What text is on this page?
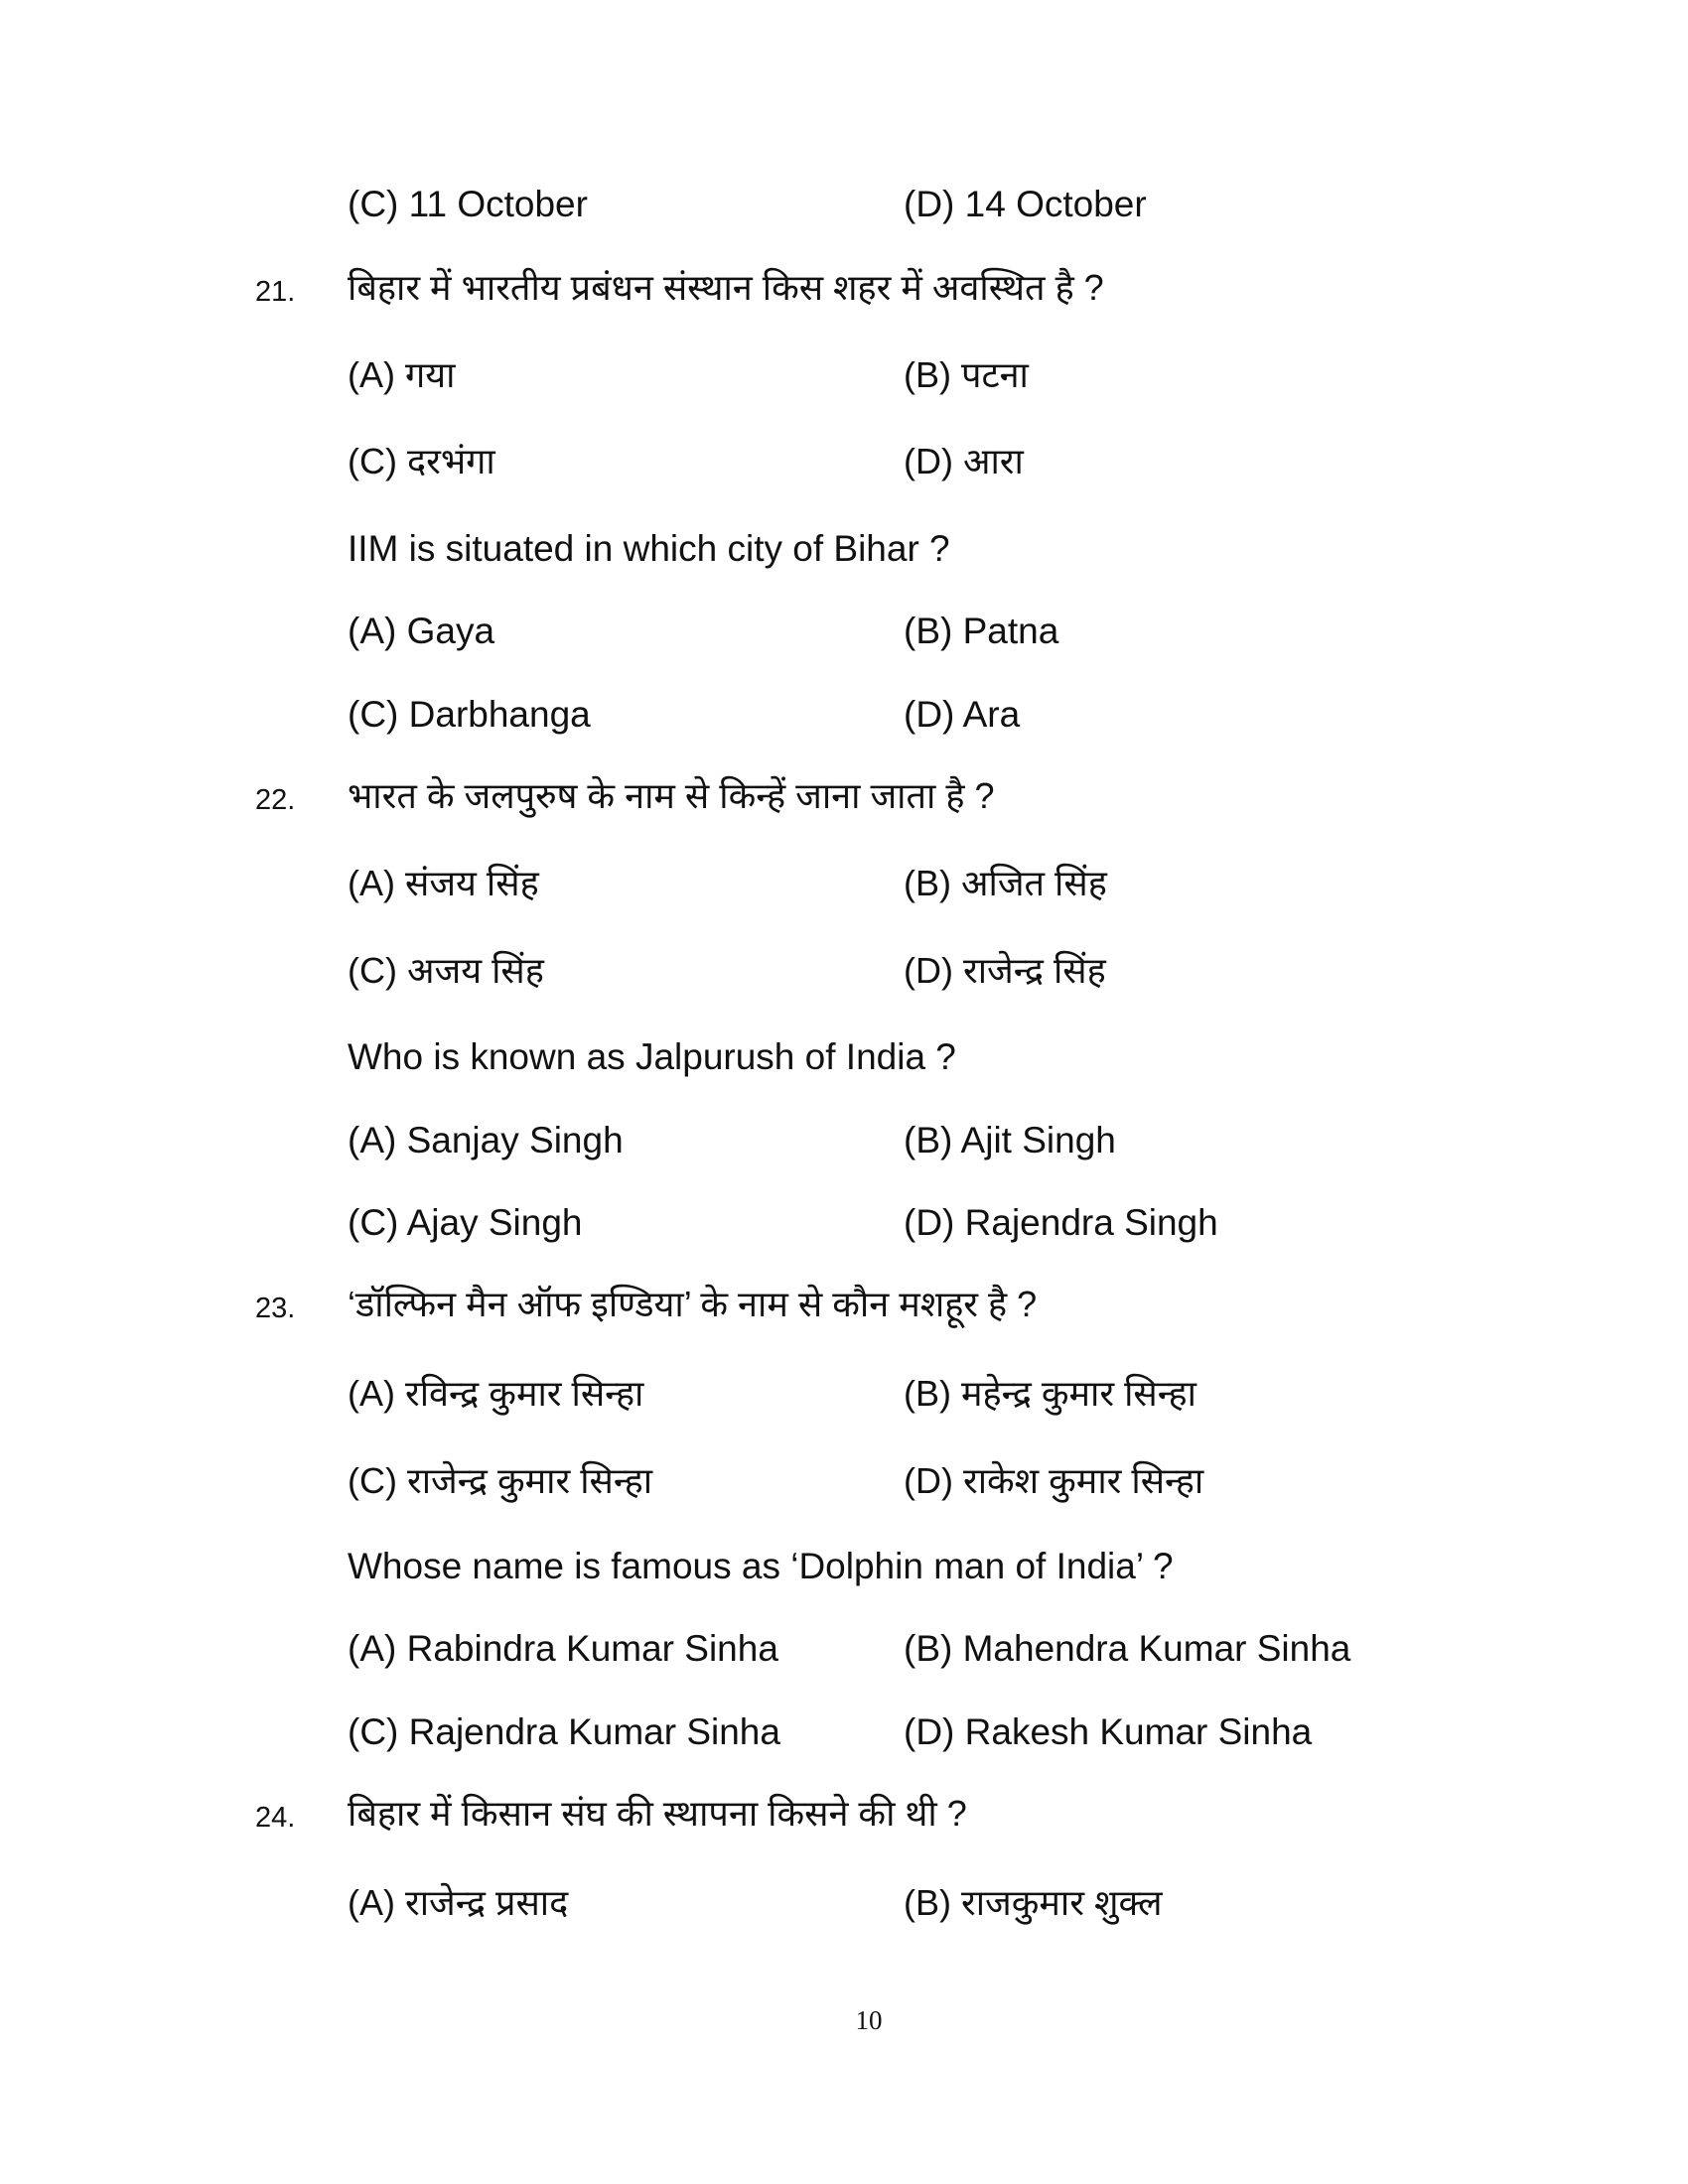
(C) 11 October	(D) 14 October
21. बिहार में भारतीय प्रबंधन संस्थान किस शहर में अवस्थित है ?
(A) गया	(B) पटना
(C) दरभंगा	(D) आरा
IIM is situated in which city of Bihar ?
(A) Gaya	(B) Patna
(C) Darbhanga	(D) Ara
22. भारत के जलपुरुष के नाम से किन्हें जाना जाता है ?
(A) संजय सिंह	(B) अजित सिंह
(C) अजय सिंह	(D) राजेन्द्र सिंह
Who is known as Jalpurush of India ?
(A) Sanjay Singh	(B) Ajit Singh
(C) Ajay Singh	(D) Rajendra Singh
23. ‘डॉल्फिन मैन ऑफ इण्डिया’ के नाम से कौन मशहूर है ?
(A) रविन्द्र कुमार सिन्हा	(B) महेन्द्र कुमार सिन्हा
(C) राजेन्द्र कुमार सिन्हा	(D) राकेश कुमार सिन्हा
Whose name is famous as ‘Dolphin man of India’ ?
(A) Rabindra Kumar Sinha	(B) Mahendra Kumar Sinha
(C) Rajendra Kumar Sinha	(D) Rakesh Kumar Sinha
24. बिहार में किसान संघ की स्थापना किसने की थी ?
(A) राजेन्द्र प्रसाद	(B) राजकुमार शुक्ल
10
